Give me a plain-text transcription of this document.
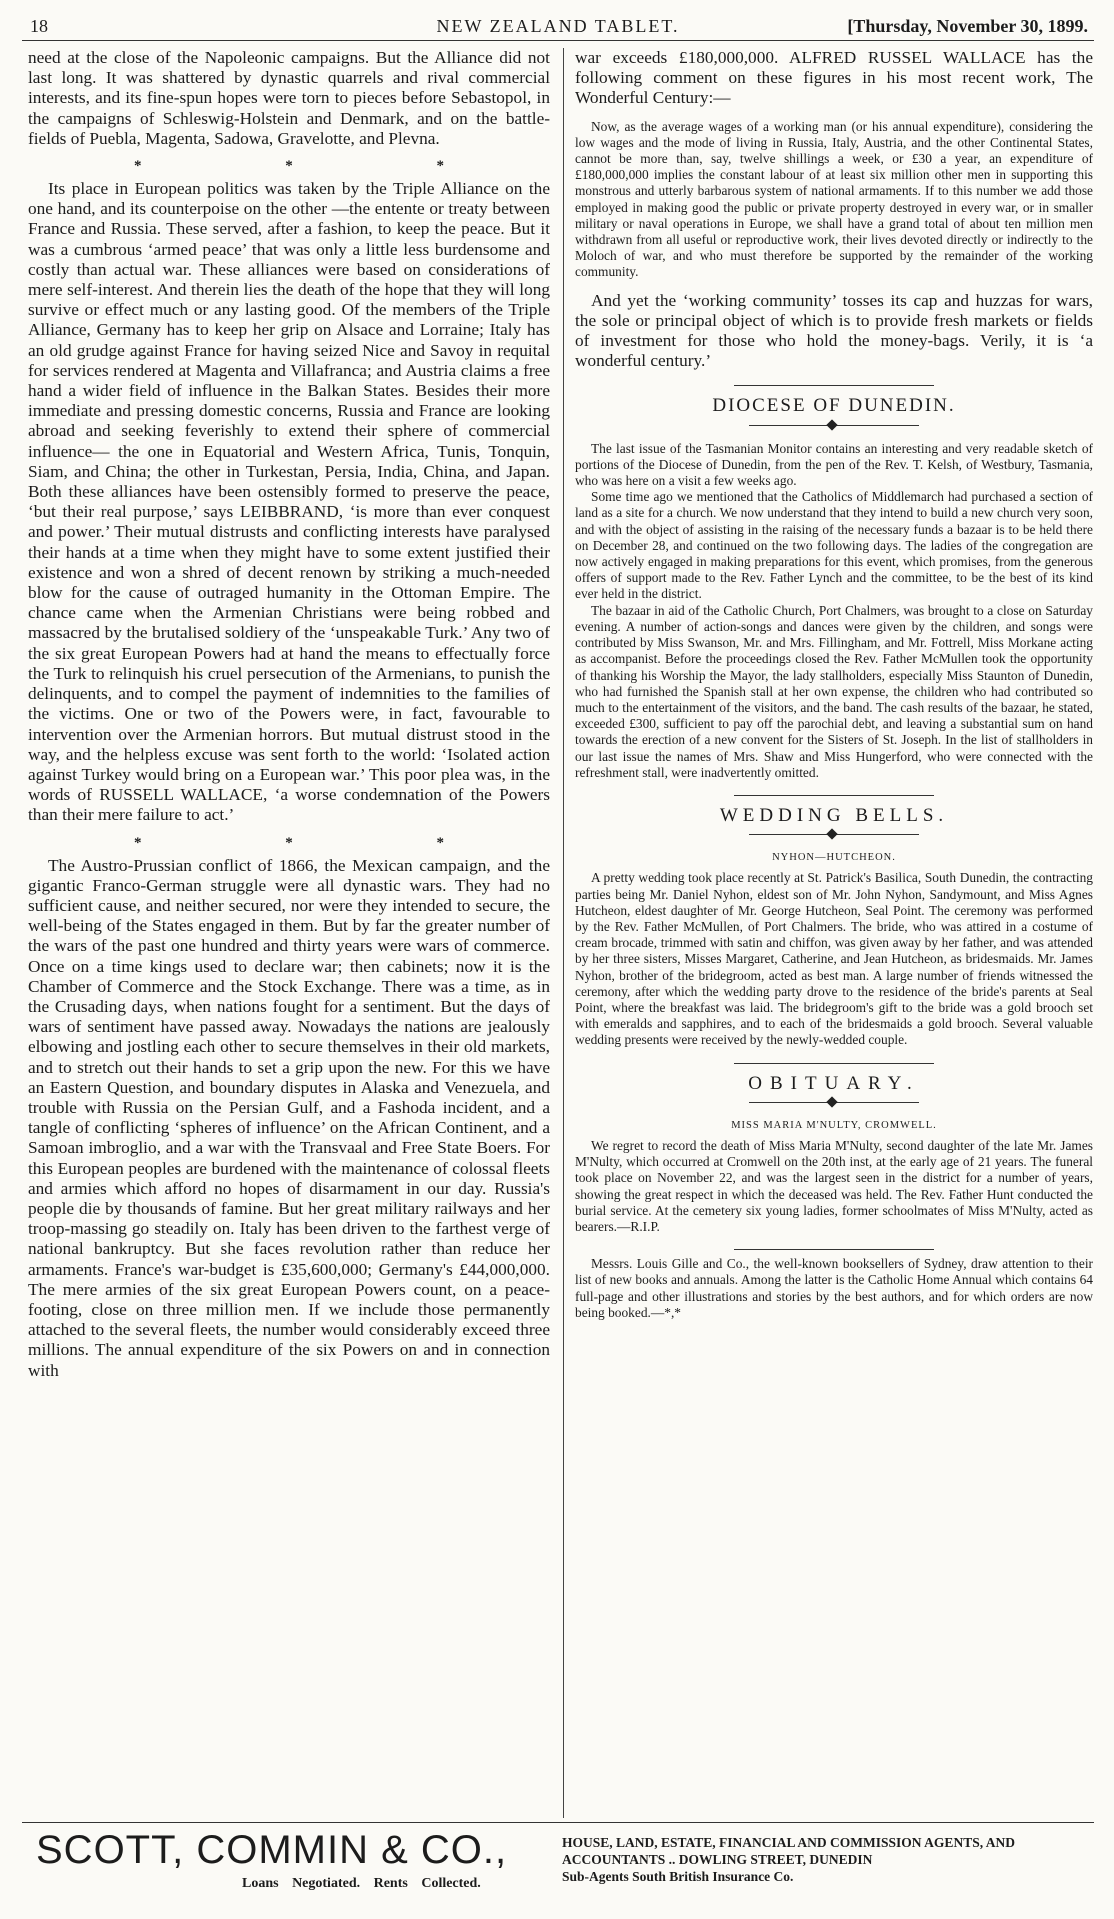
18	NEW ZEALAND TABLET.	[Thursday, November 30, 1899.

need at the close of the Napoleonic campaigns. But the Alliance did not last long. It was shattered by dynastic quarrels and rival commercial interests, and its fine-spun hopes were torn to pieces before Sebastopol, in the campaigns of Schleswig-Holstein and Denmark, and on the battle-fields of Puebla, Magenta, Sadowa, Gravelotte, and Plevna.

* * *

Its place in European politics was taken by the Triple Alliance on the one hand, and its counterpoise on the other —the entente or treaty between France and Russia. These served, after a fashion, to keep the peace. But it was a cumbrous ‘armed peace’ that was only a little less burdensome and costly than actual war. These alliances were based on considerations of mere self-interest. And therein lies the death of the hope that they will long survive or effect much or any lasting good. Of the members of the Triple Alliance, Germany has to keep her grip on Alsace and Lorraine; Italy has an old grudge against France for having seized Nice and Savoy in requital for services rendered at Magenta and Villafranca; and Austria claims a free hand a wider field of influence in the Balkan States. Besides their more immediate and pressing domestic concerns, Russia and France are looking abroad and seeking feverishly to extend their sphere of commercial influence— the one in Equatorial and Western Africa, Tunis, Tonquin, Siam, and China; the other in Turkestan, Persia, India, China, and Japan. Both these alliances have been ostensibly formed to preserve the peace, ‘but their real purpose,’ says LEIBBRAND, ‘is more than ever conquest and power.’ Their mutual distrusts and conflicting interests have paralysed their hands at a time when they might have to some extent justified their existence and won a shred of decent renown by striking a much-needed blow for the cause of outraged humanity in the Ottoman Empire. The chance came when the Armenian Christians were being robbed and massacred by the brutalised soldiery of the ‘unspeakable Turk.’ Any two of the six great European Powers had at hand the means to effectually force the Turk to relinquish his cruel persecution of the Armenians, to punish the delinquents, and to compel the payment of indemnities to the families of the victims. One or two of the Powers were, in fact, favourable to intervention over the Armenian horrors. But mutual distrust stood in the way, and the helpless excuse was sent forth to the world: ‘Isolated action against Turkey would bring on a European war.’ This poor plea was, in the words of RUSSELL WALLACE, ‘a worse condemnation of the Powers than their mere failure to act.’

* * *

The Austro-Prussian conflict of 1866, the Mexican campaign, and the gigantic Franco-German struggle were all dynastic wars. They had no sufficient cause, and neither secured, nor were they intended to secure, the well-being of the States engaged in them. But by far the greater number of the wars of the past one hundred and thirty years were wars of commerce. Once on a time kings used to declare war; then cabinets; now it is the Chamber of Commerce and the Stock Exchange. There was a time, as in the Crusading days, when nations fought for a sentiment. But the days of wars of sentiment have passed away. Nowadays the nations are jealously elbowing and jostling each other to secure themselves in their old markets, and to stretch out their hands to set a grip upon the new. For this we have an Eastern Question, and boundary disputes in Alaska and Venezuela, and trouble with Russia on the Persian Gulf, and a Fashoda incident, and a tangle of conflicting ‘spheres of influence’ on the African Continent, and a Samoan imbroglio, and a war with the Transvaal and Free State Boers. For this European peoples are burdened with the maintenance of colossal fleets and armies which afford no hopes of disarmament in our day. Russia's people die by thousands of famine. But her great military railways and her troop-massing go steadily on. Italy has been driven to the farthest verge of national bankruptcy. But she faces revolution rather than reduce her armaments. France's war-budget is £35,600,000; Germany's £44,000,000. The mere armies of the six great European Powers count, on a peace-footing, close on three million men. If we include those permanently attached to the several fleets, the number would considerably exceed three millions. The annual expenditure of the six Powers on and in connection with

war exceeds £180,000,000. ALFRED RUSSEL WALLACE has the following comment on these figures in his most recent work, The Wonderful Century:—

Now, as the average wages of a working man (or his annual expenditure), considering the low wages and the mode of living in Russia, Italy, Austria, and the other Continental States, cannot be more than, say, twelve shillings a week, or £30 a year, an expenditure of £180,000,000 implies the constant labour of at least six million other men in supporting this monstrous and utterly barbarous system of national armaments. If to this number we add those employed in making good the public or private property destroyed in every war, or in smaller military or naval operations in Europe, we shall have a grand total of about ten million men withdrawn from all useful or reproductive work, their lives devoted directly or indirectly to the Moloch of war, and who must therefore be supported by the remainder of the working community.

And yet the ‘working community’ tosses its cap and huzzas for wars, the sole or principal object of which is to provide fresh markets or fields of investment for those who hold the money-bags. Verily, it is ‘a wonderful century.’

DIOCESE OF DUNEDIN.

The last issue of the Tasmanian Monitor contains an interesting and very readable sketch of portions of the Diocese of Dunedin, from the pen of the Rev. T. Kelsh, of Westbury, Tasmania, who was here on a visit a few weeks ago.

Some time ago we mentioned that the Catholics of Middlemarch had purchased a section of land as a site for a church. We now understand that they intend to build a new church very soon, and with the object of assisting in the raising of the necessary funds a bazaar is to be held there on December 28, and continued on the two following days. The ladies of the congregation are now actively engaged in making preparations for this event, which promises, from the generous offers of support made to the Rev. Father Lynch and the committee, to be the best of its kind ever held in the district.

The bazaar in aid of the Catholic Church, Port Chalmers, was brought to a close on Saturday evening. A number of action-songs and dances were given by the children, and songs were contributed by Miss Swanson, Mr. and Mrs. Fillingham, and Mr. Fottrell, Miss Morkane acting as accompanist. Before the proceedings closed the Rev. Father McMullen took the opportunity of thanking his Worship the Mayor, the lady stallholders, especially Miss Staunton of Dunedin, who had furnished the Spanish stall at her own expense, the children who had contributed so much to the entertainment of the visitors, and the band. The cash results of the bazaar, he stated, exceeded £300, sufficient to pay off the parochial debt, and leaving a substantial sum on hand towards the erection of a new convent for the Sisters of St. Joseph. In the list of stallholders in our last issue the names of Mrs. Shaw and Miss Hungerford, who were connected with the refreshment stall, were inadvertently omitted.

WEDDING BELLS.
NYHON—HUTCHEON.

A pretty wedding took place recently at St. Patrick's Basilica, South Dunedin, the contracting parties being Mr. Daniel Nyhon, eldest son of Mr. John Nyhon, Sandymount, and Miss Agnes Hutcheon, eldest daughter of Mr. George Hutcheon, Seal Point. The ceremony was performed by the Rev. Father McMullen, of Port Chalmers. The bride, who was attired in a costume of cream brocade, trimmed with satin and chiffon, was given away by her father, and was attended by her three sisters, Misses Margaret, Catherine, and Jean Hutcheon, as bridesmaids. Mr. James Nyhon, brother of the bridegroom, acted as best man. A large number of friends witnessed the ceremony, after which the wedding party drove to the residence of the bride's parents at Seal Point, where the breakfast was laid. The bridegroom's gift to the bride was a gold brooch set with emeralds and sapphires, and to each of the bridesmaids a gold brooch. Several valuable wedding presents were received by the newly-wedded couple.

OBITUARY.
MISS MARIA M'NULTY, CROMWELL.

We regret to record the death of Miss Maria M'Nulty, second daughter of the late Mr. James M'Nulty, which occurred at Cromwell on the 20th inst, at the early age of 21 years. The funeral took place on November 22, and was the largest seen in the district for a number of years, showing the great respect in which the deceased was held. The Rev. Father Hunt conducted the burial service. At the cemetery six young ladies, former schoolmates of Miss M'Nulty, acted as bearers.—R.I.P.

Messrs. Louis Gille and Co., the well-known booksellers of Sydney, draw attention to their list of new books and annuals. Among the latter is the Catholic Home Annual which contains 64 full-page and other illustrations and stories by the best authors, and for which orders are now being booked.—*,*

SCOTT, COMMIN & CO.,
Loans Negotiated. Rents Collected.
HOUSE, LAND, ESTATE, FINANCIAL AND COMMISSION AGENTS, AND
ACCOUNTANTS .. DOWLING STREET, DUNEDIN
Sub-Agents South British Insurance Co.
